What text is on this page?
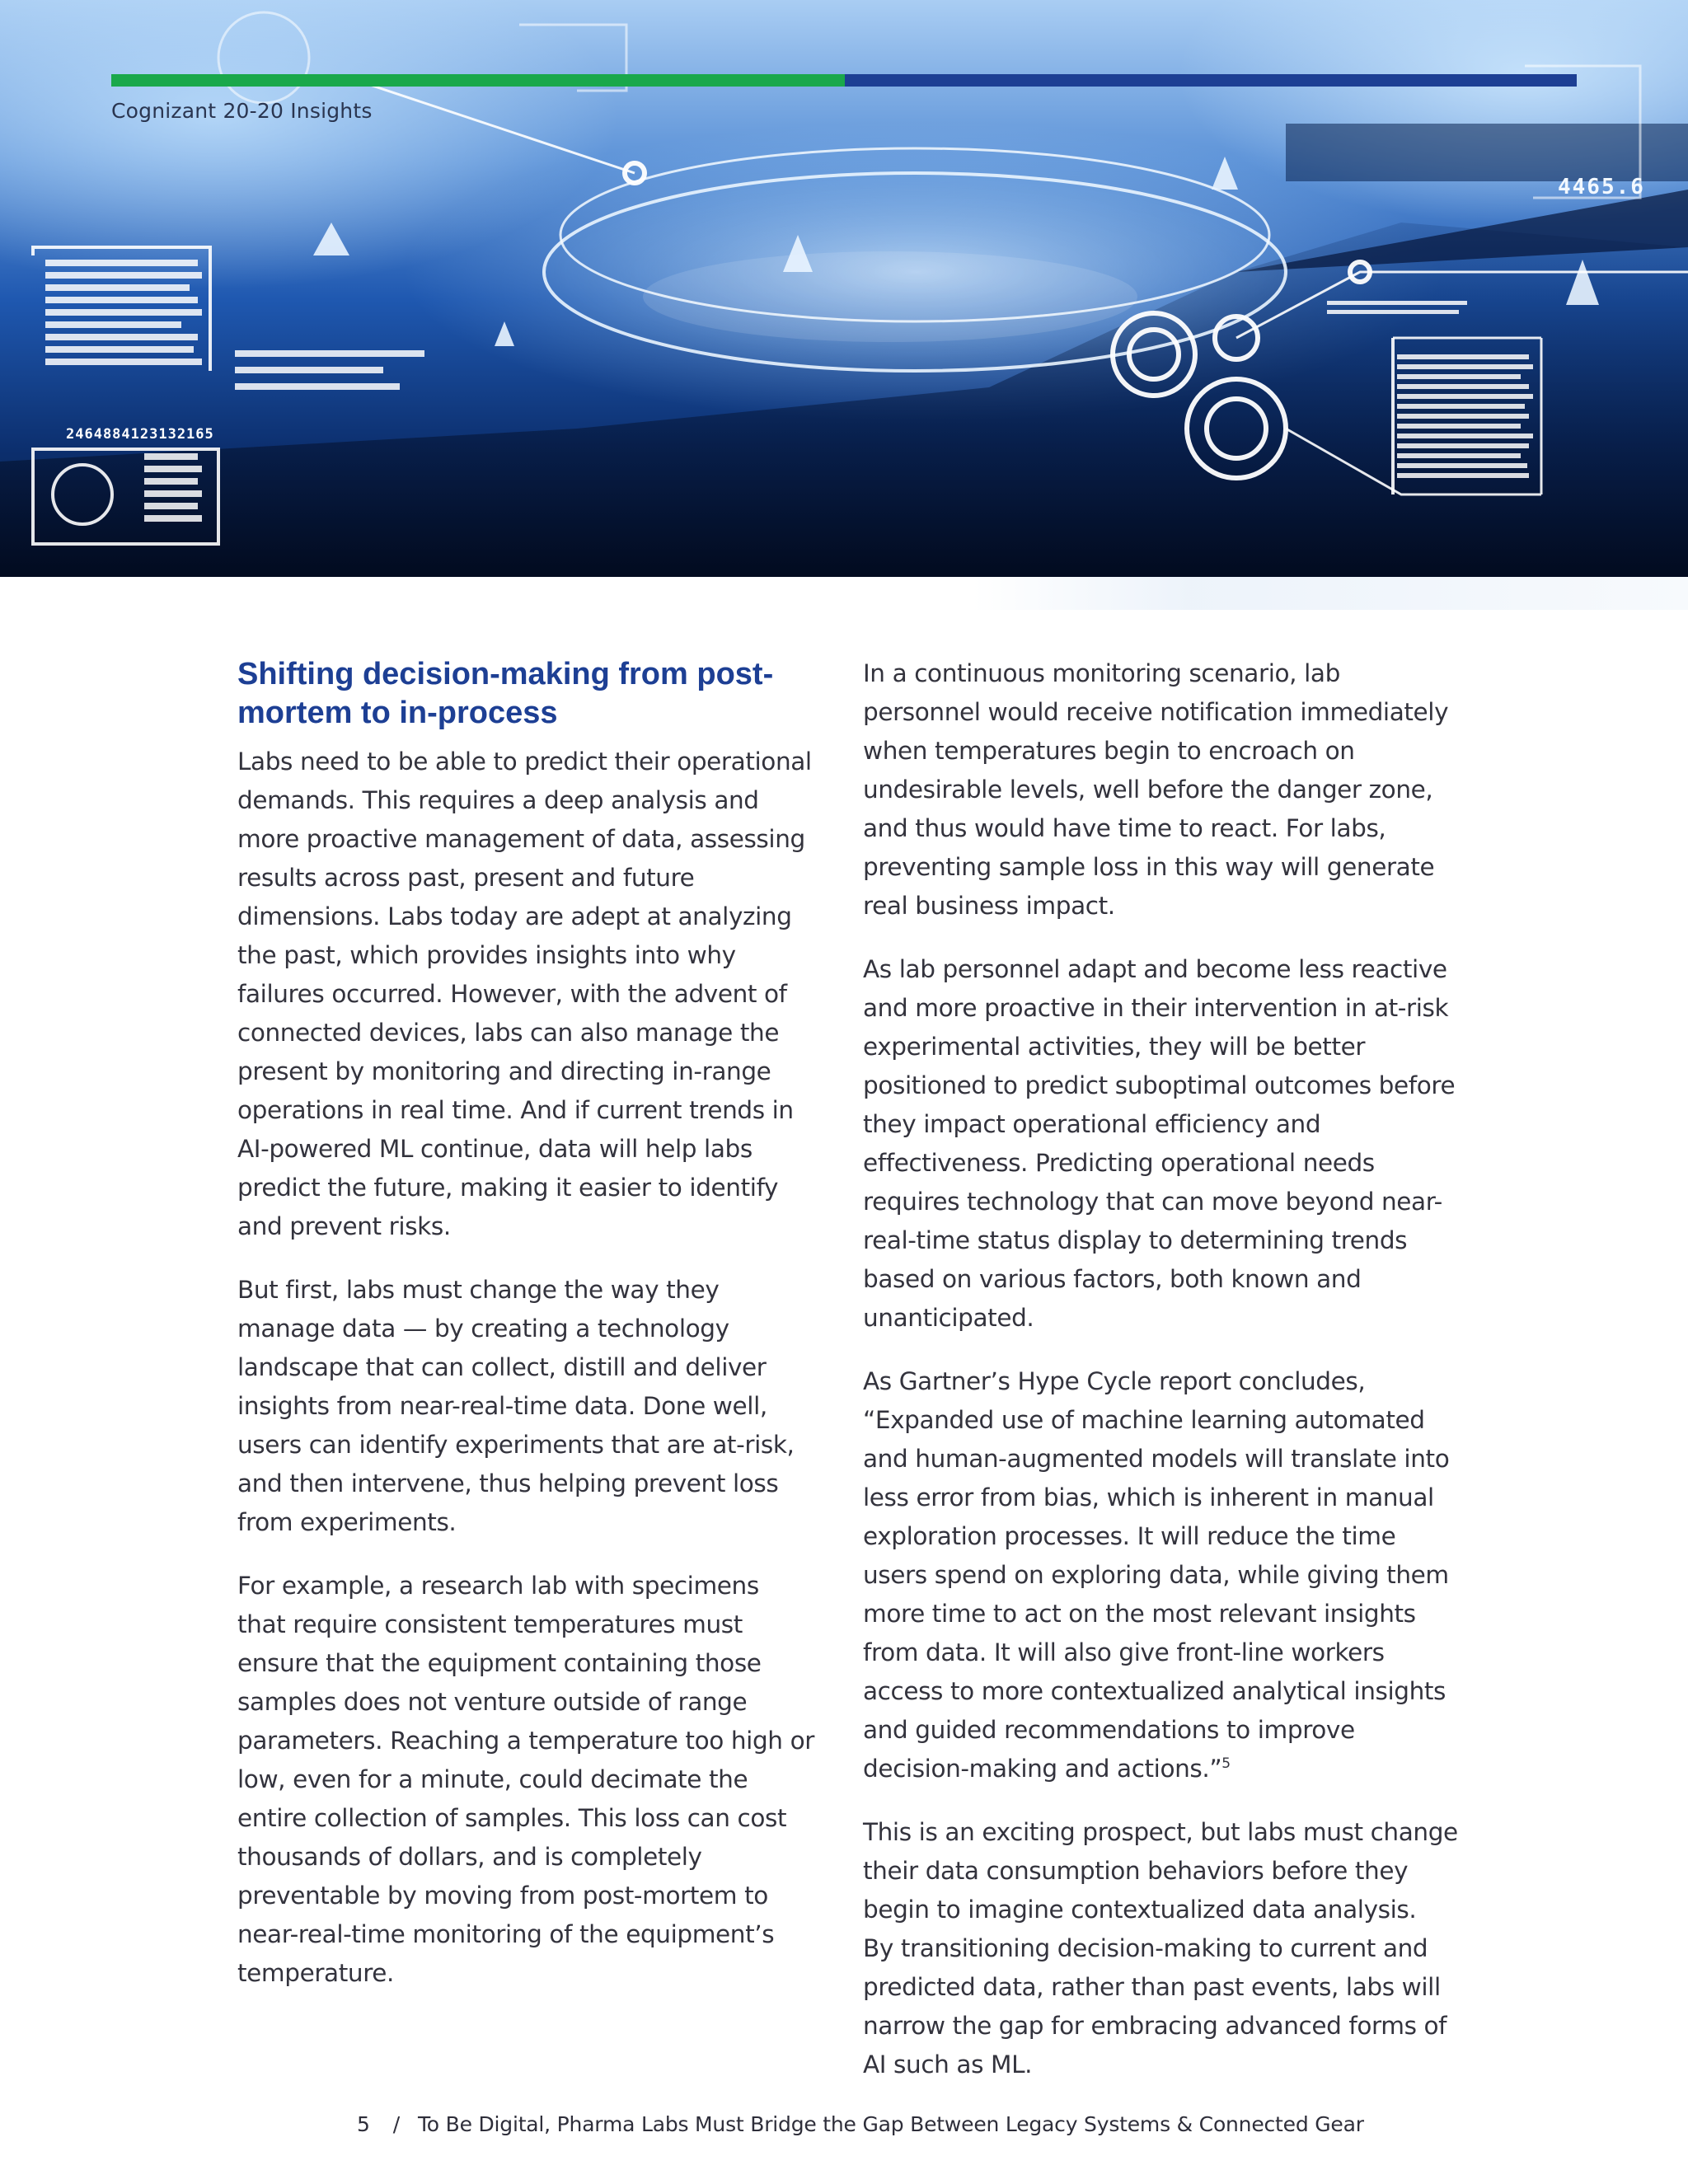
2464884123132165
4465.6
Cognizant 20-20 Insights
Shifting decision-making from post-mortem to in-process

Labs need to be able to predict their operational demands. This requires a deep analysis and more proactive management of data, assessing results across past, present and future dimensions. Labs today are adept at analyzing the past, which provides insights into why failures occurred. However, with the advent of connected devices, labs can also manage the present by monitoring and directing in-range operations in real time. And if current trends in AI-powered ML continue, data will help labs predict the future, making it easier to identify and prevent risks.

But first, labs must change the way they manage data — by creating a technology landscape that can collect, distill and deliver insights from near-real-time data. Done well, users can identify experiments that are at-risk, and then intervene, thus helping prevent loss from experiments.

For example, a research lab with specimens that require consistent temperatures must ensure that the equipment containing those samples does not venture outside of range parameters. Reaching a temperature too high or low, even for a minute, could decimate the entire collection of samples. This loss can cost thousands of dollars, and is completely preventable by moving from post-mortem to near-real-time monitoring of the equipment’s temperature.

In a continuous monitoring scenario, lab personnel would receive notification immediately when temperatures begin to encroach on undesirable levels, well before the danger zone, and thus would have time to react. For labs, preventing sample loss in this way will generate real business impact.

As lab personnel adapt and become less reactive and more proactive in their intervention in at-risk experimental activities, they will be better positioned to predict suboptimal outcomes before they impact operational efficiency and effectiveness. Predicting operational needs requires technology that can move beyond near-real-time status display to determining trends based on various factors, both known and unanticipated.

As Gartner’s Hype Cycle report concludes, “Expanded use of machine learning automated and human-augmented models will translate into less error from bias, which is inherent in manual exploration processes. It will reduce the time users spend on exploring data, while giving them more time to act on the most relevant insights from data. It will also give front-line workers access to more contextualized analytical insights and guided recommendations to improve decision-making and actions.”$^5$

This is an exciting prospect, but labs must change their data consumption behaviors before they begin to imagine contextualized data analysis.
By transitioning decision-making to current and predicted data, rather than past events, labs will narrow the gap for embracing advanced forms of AI such as ML.

5 / To Be Digital, Pharma Labs Must Bridge the Gap Between Legacy Systems & Connected Gear
